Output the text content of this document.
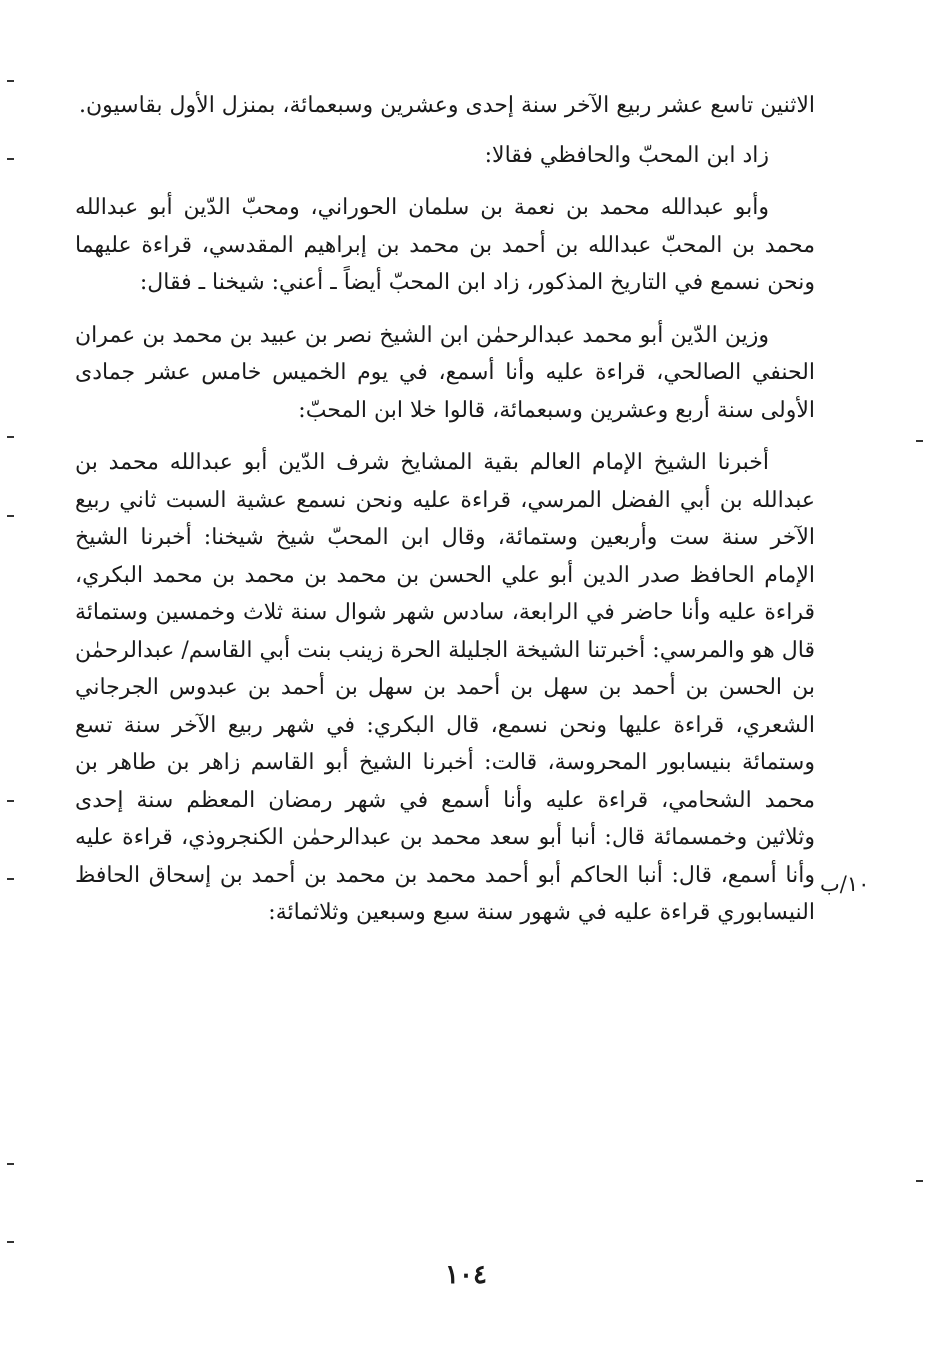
الاثنين تاسع عشر ربيع الآخر سنة إحدى وعشرين وسبعمائة، بمنزل الأول بقاسيون.

زاد ابن المحبّ والحافظي فقالا:

وأبو عبدالله محمد بن نعمة بن سلمان الحوراني، ومحبّ الدّين أبو عبدالله محمد بن المحبّ عبدالله بن أحمد بن محمد بن إبراهيم المقدسي، قراءة عليهما ونحن نسمع في التاريخ المذكور، زاد ابن المحبّ أيضاً ـ أعني: شيخنا ـ فقال:

وزين الدّين أبو محمد عبدالرحمٰن ابن الشيخ نصر بن عبيد بن محمد بن عمران الحنفي الصالحي، قراءة عليه وأنا أسمع، في يوم الخميس خامس عشر جمادى الأولى سنة أربع وعشرين وسبعمائة، قالوا خلا ابن المحبّ:

أخبرنا الشيخ الإمام العالم بقية المشايخ شرف الدّين أبو عبدالله محمد بن عبدالله بن أبي الفضل المرسي، قراءة عليه ونحن نسمع عشية السبت ثاني ربيع الآخر سنة ست وأربعين وستمائة، وقال ابن المحبّ شيخ شيخنا: أخبرنا الشيخ الإمام الحافظ صدر الدين أبو علي الحسن بن محمد بن محمد بن محمد البكري، قراءة عليه وأنا حاضر في الرابعة، سادس شهر شوال سنة ثلاث وخمسين وستمائة قال هو والمرسي: أخبرتنا الشيخة الجليلة الحرة زينب بنت أبي القاسم/ عبدالرحمٰن بن الحسن بن أحمد بن سهل بن أحمد بن سهل بن أحمد بن عبدوس الجرجاني الشعري، قراءة عليها ونحن نسمع، قال البكري: في شهر ربيع الآخر سنة تسع وستمائة بنيسابور المحروسة، قالت: أخبرنا الشيخ أبو القاسم زاهر بن طاهر بن محمد الشحامي، قراءة عليه وأنا أسمع في شهر رمضان المعظم سنة إحدى وثلاثين وخمسمائة قال: أنبا أبو سعد محمد بن عبدالرحمٰن الكنجروذي، قراءة عليه وأنا أسمع، قال: أنبا الحاكم أبو أحمد محمد بن محمد بن أحمد بن إسحاق الحافظ النيسابوري قراءة عليه في شهور سنة سبع وسبعين وثلاثمائة:

١٠/ب
١٠٤
